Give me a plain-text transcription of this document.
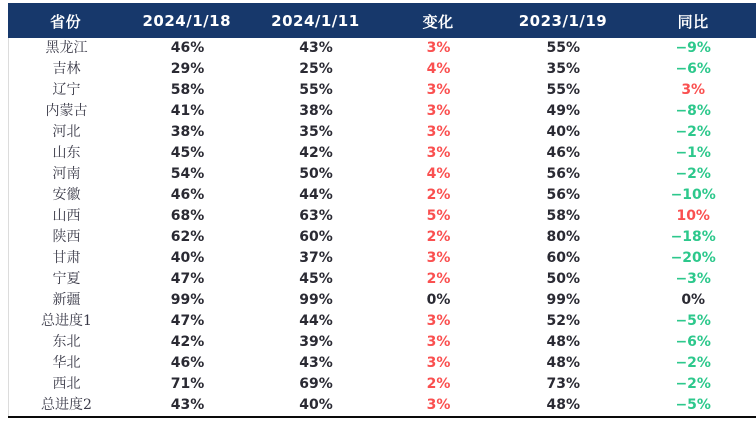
省份	2024/1/18	2024/1/11	变化	2023/1/19	同比
黑龙江	46%	43%	3%	55%	−9%
吉林	29%	25%	4%	35%	−6%
辽宁	58%	55%	3%	55%	3%
内蒙古	41%	38%	3%	49%	−8%
河北	38%	35%	3%	40%	−2%
山东	45%	42%	3%	46%	−1%
河南	54%	50%	4%	56%	−2%
安徽	46%	44%	2%	56%	−10%
山西	68%	63%	5%	58%	10%
陕西	62%	60%	2%	80%	−18%
甘肃	40%	37%	3%	60%	−20%
宁夏	47%	45%	2%	50%	−3%
新疆	99%	99%	0%	99%	0%
总进度1	47%	44%	3%	52%	−5%
东北	42%	39%	3%	48%	−6%
华北	46%	43%	3%	48%	−2%
西北	71%	69%	2%	73%	−2%
总进度2	43%	40%	3%	48%	−5%
